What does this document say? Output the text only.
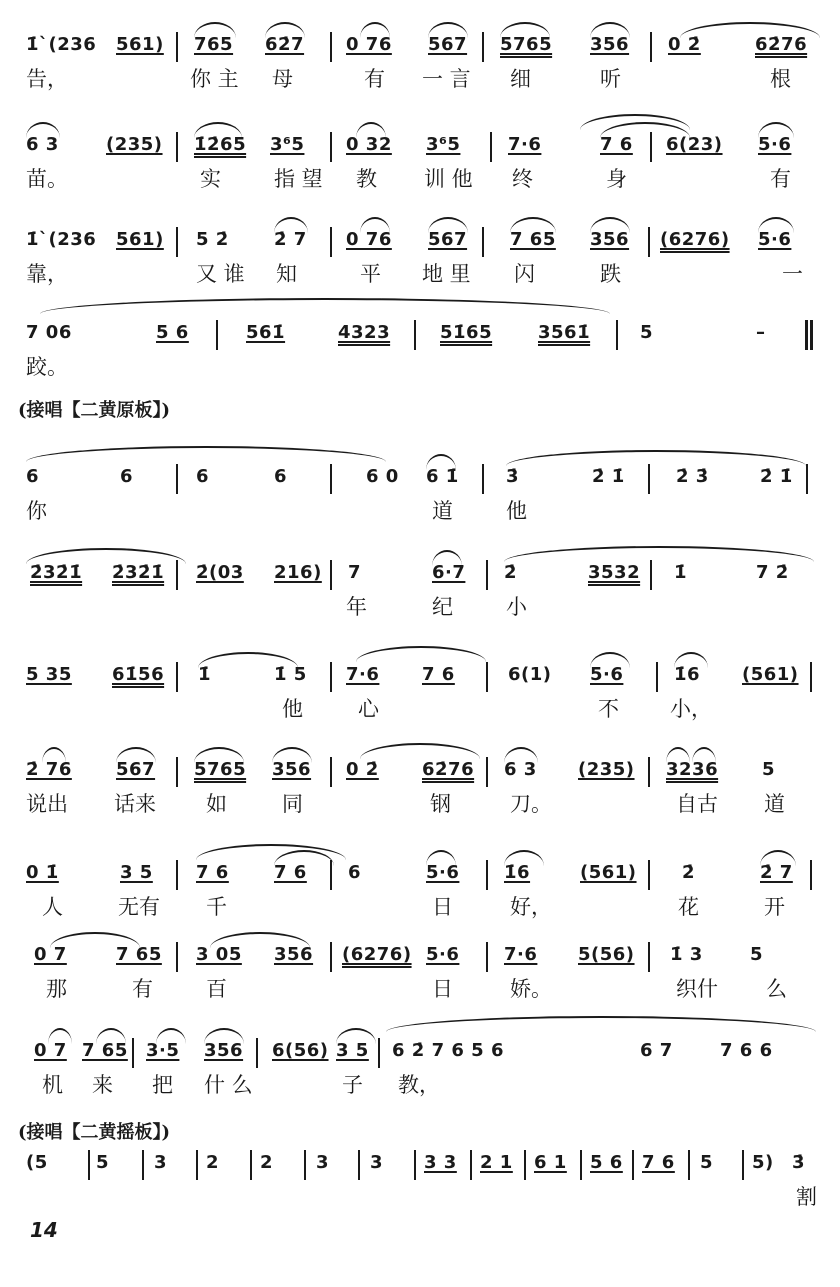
1̇ˋ(236 561) 765 62̇7 0 76 567 5765 356 0 2̇	62̇76
告，	你 主 母	有 一 言 细	听	根
6 3	(235) 1̇2̇65 3⁶5 0 32 3⁶5	7·6	7 6 6(23) 5·6
苗。	实	指 望 教 训 他 终	身	有
1̇ˋ(236 561) 5 2̇	2̇ 7 0 76 567 7 65 356 (6276) 5·6
靠，	又 谁 知	平 地 里 闪	跌	一
7 06	5 6	561̇	4323	51̇65	3561̇	5	–
跤。
(接唱【二黄原板】)
6	6	6	6	6 0 6 1̇	3̇	2̇ 1̇	2̇ 3̇	2̇ 1̇
你	道	他
2̇32̇1̇ 2̇32̇1̇ 2̇(03 216) 7	6·7 2̇	3532 1̇	7 2̇
年	纪	小
5 35 61̇56 1̇	1̇ 5 7·6 7 6	6(1) 5·6	1̇6 (561)
他	心	不 小，
2̇ 76 567 5765 356 0 2̇ 62̇76 6 3 (235) 3236 5
说出 话来 如	同	钢	刀。	自古 道
0 1̇	3 5 7 6	7 6 6	5·6 1̇6	(561)	2̇	2̇ 7
人	无有 千	日	好，	花	开
0 7	7 65 3 05 356 (6276) 5·6 7·6 5(56) 1̇ 3	5
那	有	百	日	娇。	织什 么
0 7 7 65 3·5 356 6(56) 3 5 6 2̇ 7 6 5 6	6 7	7 6 6
机 来 把 什 么	子 教，
(接唱【二黄摇板】)
(5	5 3 2 2 3 3 3 3 2 1 6 1 5 6 7 6 5 5) 3̇
割
14
